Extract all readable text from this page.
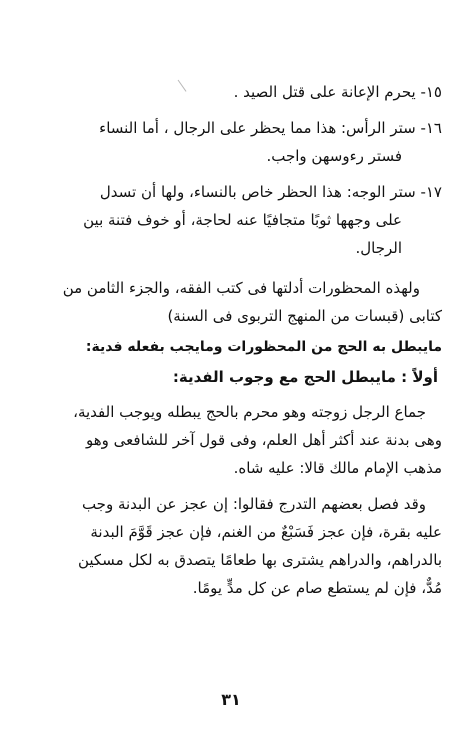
١٥- يحرم الإعانة على قتل الصيد .

١٦- ستر الرأس: هذا مما يحظر على الرجال ، أما النساء

فستر رءوسهن واجب.

١٧- ستر الوجه: هذا الحظر خاص بالنساء، ولها أن تسدل

على وجهها ثوبًا متجافيًا عنه لحاجة، أو خوف فتنة بين

الرجال.

ولهذه المحظورات أدلتها فى كتب الفقه، والجزء الثامن من

كتابى (قبسات من المنهج التربوى فى السنة)

مايبطل به الحج من المحظورات ومايجب بفعله فدية:

أولاً : مايبطل الحج مع وجوب الفدية:

جماع الرجل زوجته وهو محرم بالحج يبطله ويوجب الفدية،

وهى بدنة عند أكثر أهل العلم، وفى قول آخر للشافعى وهو

مذهب الإمام مالك قالا: عليه شاه.

وقد فصل بعضهم التدرج فقالوا: إن عجز عن البدنة وجب

عليه بقرة، فإن عجز فَسَبْعٌ من الغنم، فإن عجز قَوَّمَ البدنة

بالدراهم، والدراهم يشترى بها طعامًا يتصدق به لكل مسكين

مُدٌّ، فإن لم يستطع صام عن كل مدٍّ يومًا.

٣١
